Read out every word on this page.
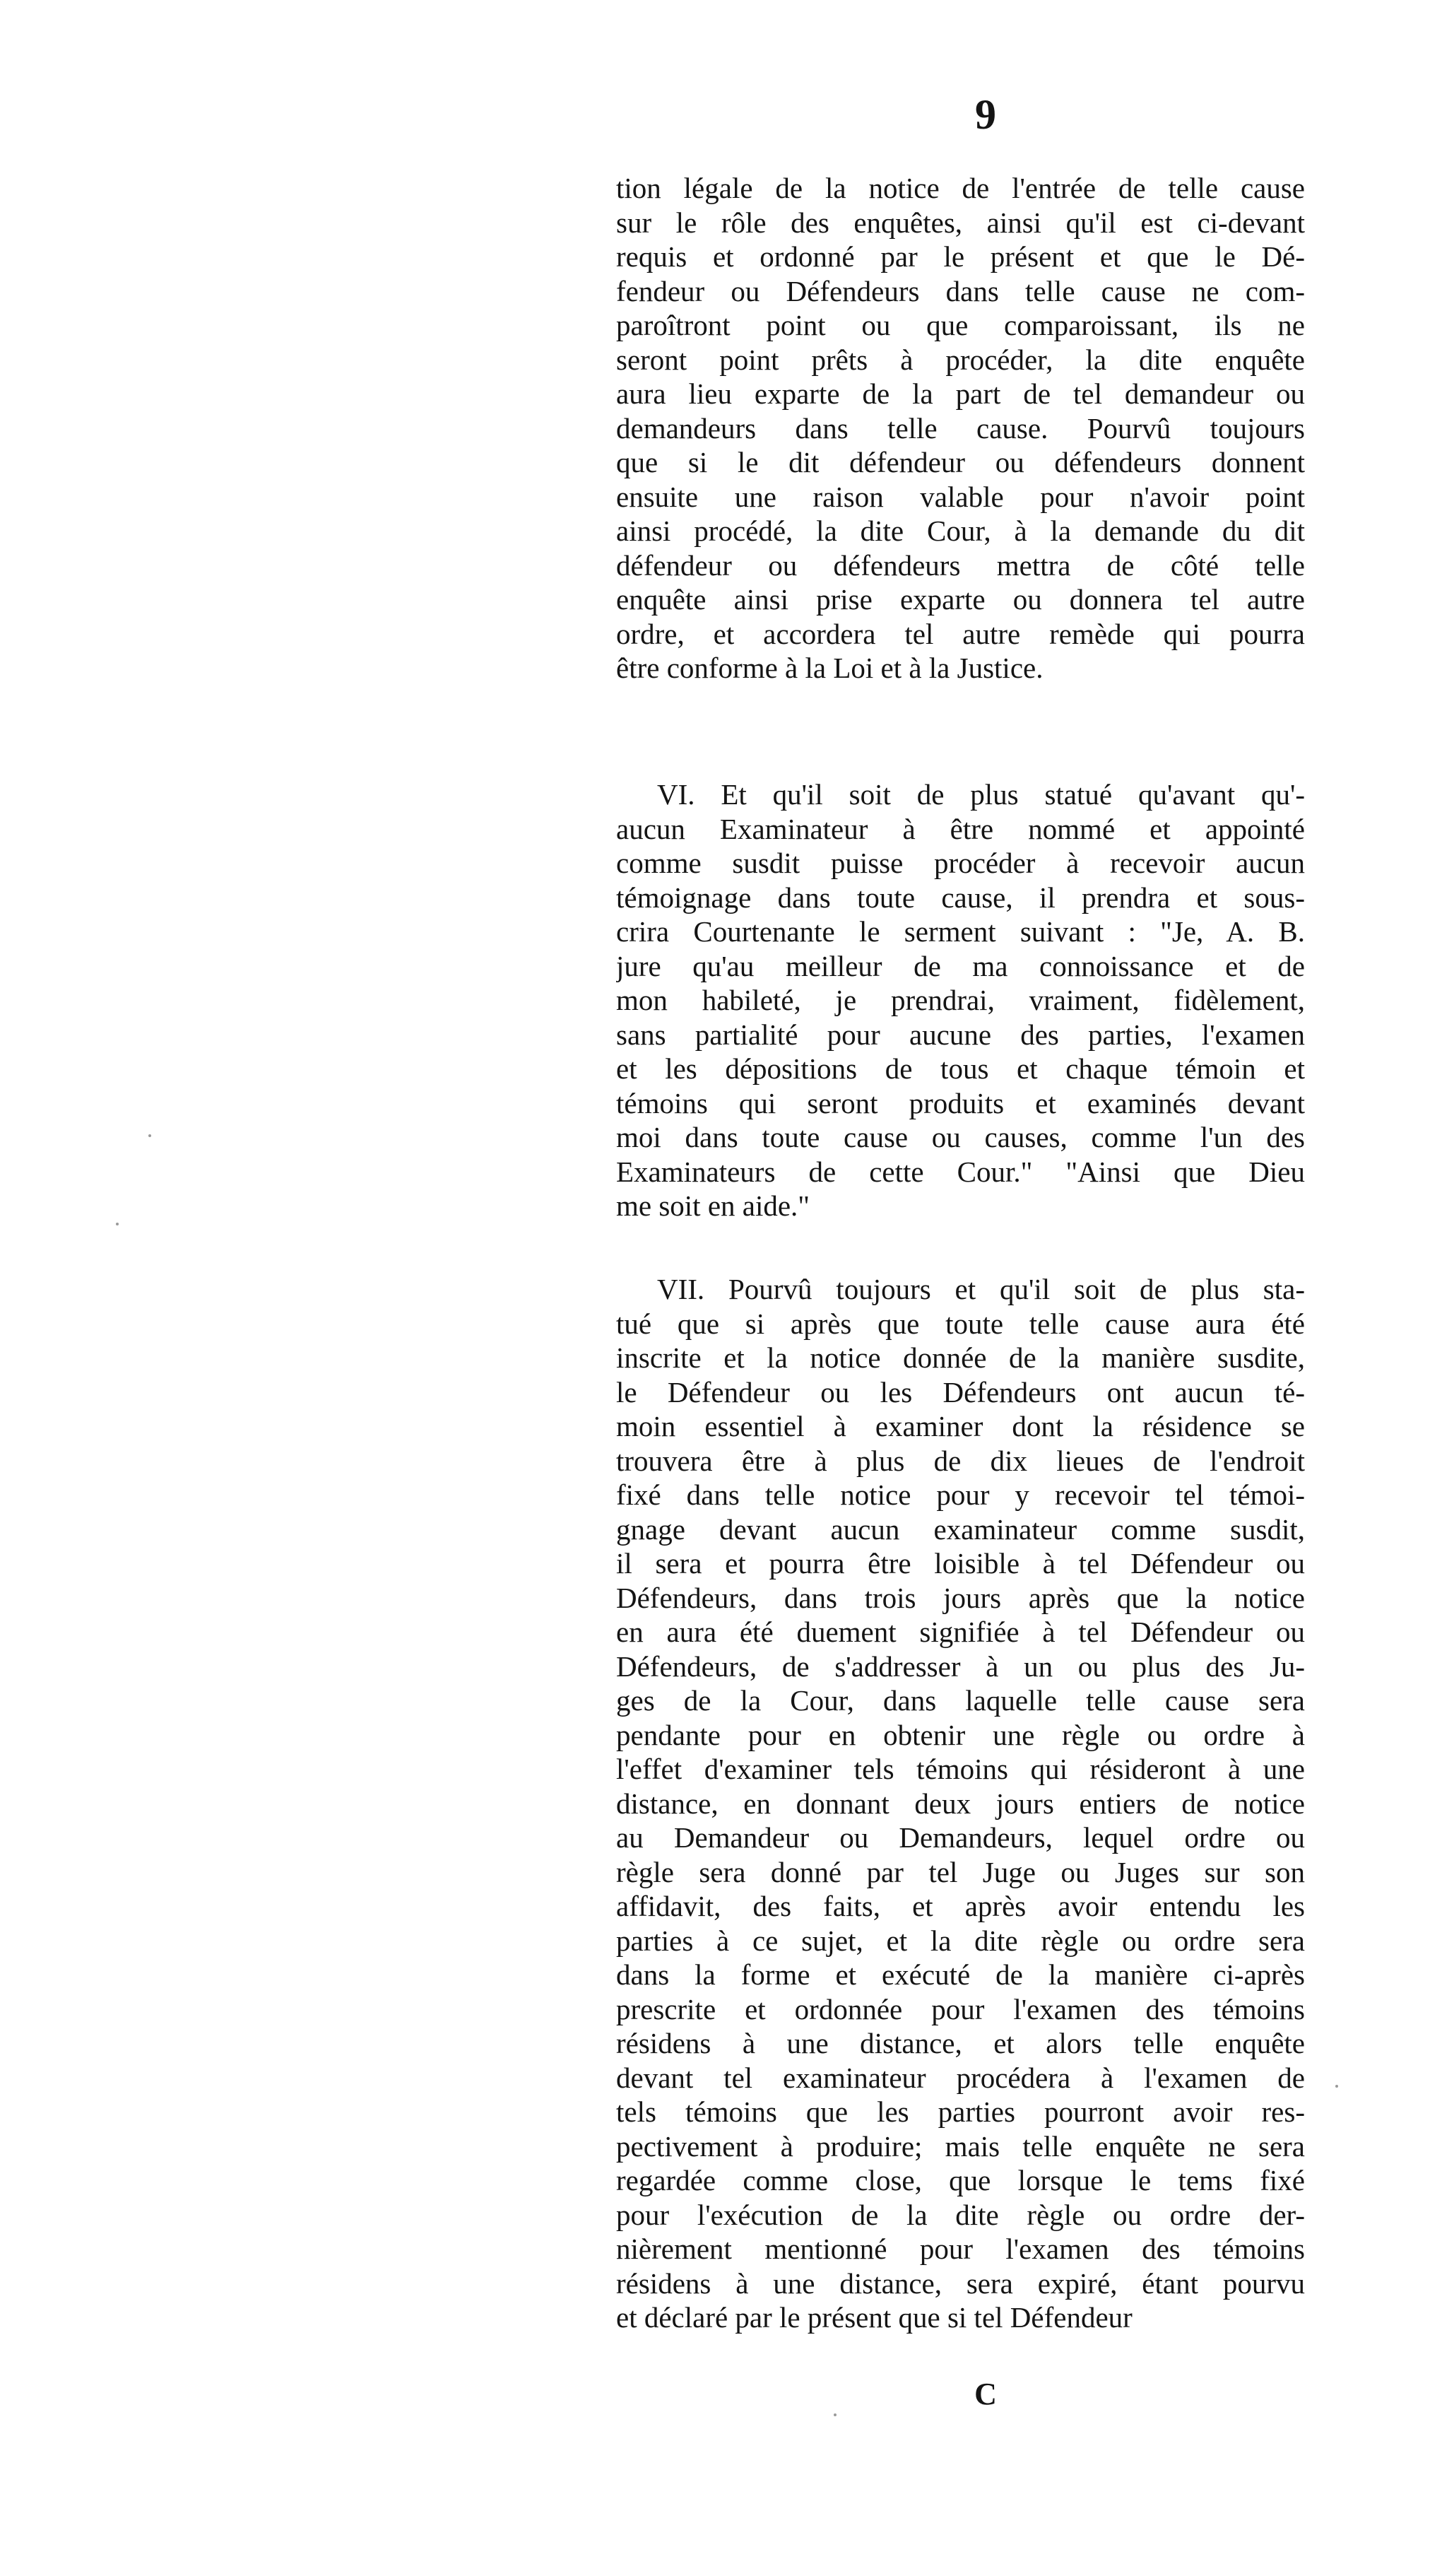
9
tion légale de la notice de l'entrée de telle cause
sur le rôle des enquêtes, ainsi qu'il est ci-devant
requis et ordonné par le présent et que le Dé-
fendeur ou Défendeurs dans telle cause ne com-
paroîtront point ou que comparoissant, ils ne
seront point prêts à procéder, la dite enquête
aura lieu exparte de la part de tel demandeur ou
demandeurs dans telle cause. Pourvû toujours
que si le dit défendeur ou défendeurs donnent
ensuite une raison valable pour n'avoir point
ainsi procédé, la dite Cour, à la demande du dit
défendeur ou défendeurs mettra de côté telle
enquête ainsi prise exparte ou donnera tel autre
ordre, et accordera tel autre remède qui pourra
être conforme à la Loi et à la Justice.
VI. Et qu'il soit de plus statué qu'avant qu'-
aucun Examinateur à être nommé et appointé
comme susdit puisse procéder à recevoir aucun
témoignage dans toute cause, il prendra et sous-
crira Courtenante le serment suivant : "Je, A. B.
jure qu'au meilleur de ma connoissance et de
mon habileté, je prendrai, vraiment, fidèlement,
sans partialité pour aucune des parties, l'examen
et les dépositions de tous et chaque témoin et
témoins qui seront produits et examinés devant
moi dans toute cause ou causes, comme l'un des
Examinateurs de cette Cour." "Ainsi que Dieu
me soit en aide."
VII. Pourvû toujours et qu'il soit de plus sta-
tué que si après que toute telle cause aura été
inscrite et la notice donnée de la manière susdite,
le Défendeur ou les Défendeurs ont aucun té-
moin essentiel à examiner dont la résidence se
trouvera être à plus de dix lieues de l'endroit
fixé dans telle notice pour y recevoir tel témoi-
gnage devant aucun examinateur comme susdit,
il sera et pourra être loisible à tel Défendeur ou
Défendeurs, dans trois jours après que la notice
en aura été duement signifiée à tel Défendeur ou
Défendeurs, de s'addresser à un ou plus des Ju-
ges de la Cour, dans laquelle telle cause sera
pendante pour en obtenir une règle ou ordre à
l'effet d'examiner tels témoins qui résideront à une
distance, en donnant deux jours entiers de notice
au Demandeur ou Demandeurs, lequel ordre ou
règle sera donné par tel Juge ou Juges sur son
affidavit, des faits, et après avoir entendu les
parties à ce sujet, et la dite règle ou ordre sera
dans la forme et exécuté de la manière ci-après
prescrite et ordonnée pour l'examen des témoins
résidens à une distance, et alors telle enquête
devant tel examinateur procédera à l'examen de
tels témoins que les parties pourront avoir res-
pectivement à produire; mais telle enquête ne sera
regardée comme close, que lorsque le tems fixé
pour l'exécution de la dite règle ou ordre der-
nièrement mentionné pour l'examen des témoins
résidens à une distance, sera expiré, étant pourvu
et déclaré par le présent que si tel Défendeur
C
